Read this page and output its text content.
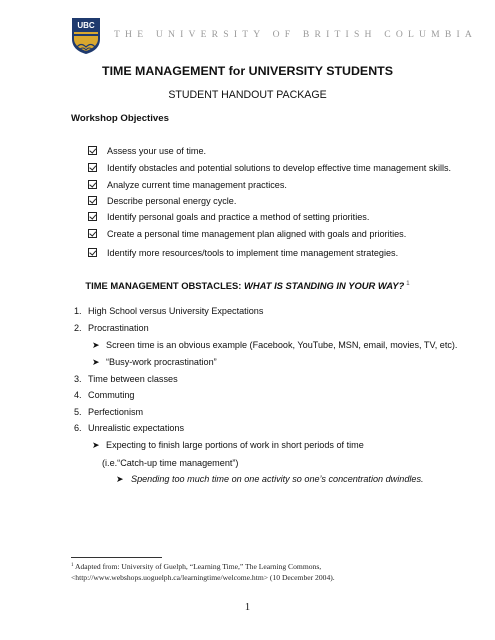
UBC
THE UNIVERSITY OF BRITISH COLUMBIA
TIME MANAGEMENT for UNIVERSITY STUDENTS
STUDENT HANDOUT PACKAGE
Workshop Objectives
Assess your use of time.
Identify obstacles and potential solutions to develop effective time management skills.
Analyze current time management practices.
Describe personal energy cycle.
Identify personal goals and practice a method of setting priorities.
Create a personal time management plan aligned with goals and priorities.
Identify more resources/tools to implement time management strategies.
TIME MANAGEMENT OBSTACLES: WHAT IS STANDING IN YOUR WAY? $^1$
1. High School versus University Expectations
2. Procrastination
➤ Screen time is an obvious example (Facebook, YouTube, MSN, email, movies, TV, etc).
➤ “Busy-work procrastination”
3. Time between classes
4. Commuting
5. Perfectionism
6. Unrealistic expectations
➤ Expecting to finish large portions of work in short periods of time
(i.e.“Catch-up time management”)
➤ Spending too much time on one activity so one’s concentration dwindles.
$^1$ Adapted from: University of Guelph, “Learning Time,” The Learning Commons,
<http://www.webshops.uoguelph.ca/learningtime/welcome.htm> (10 December 2004).
1
